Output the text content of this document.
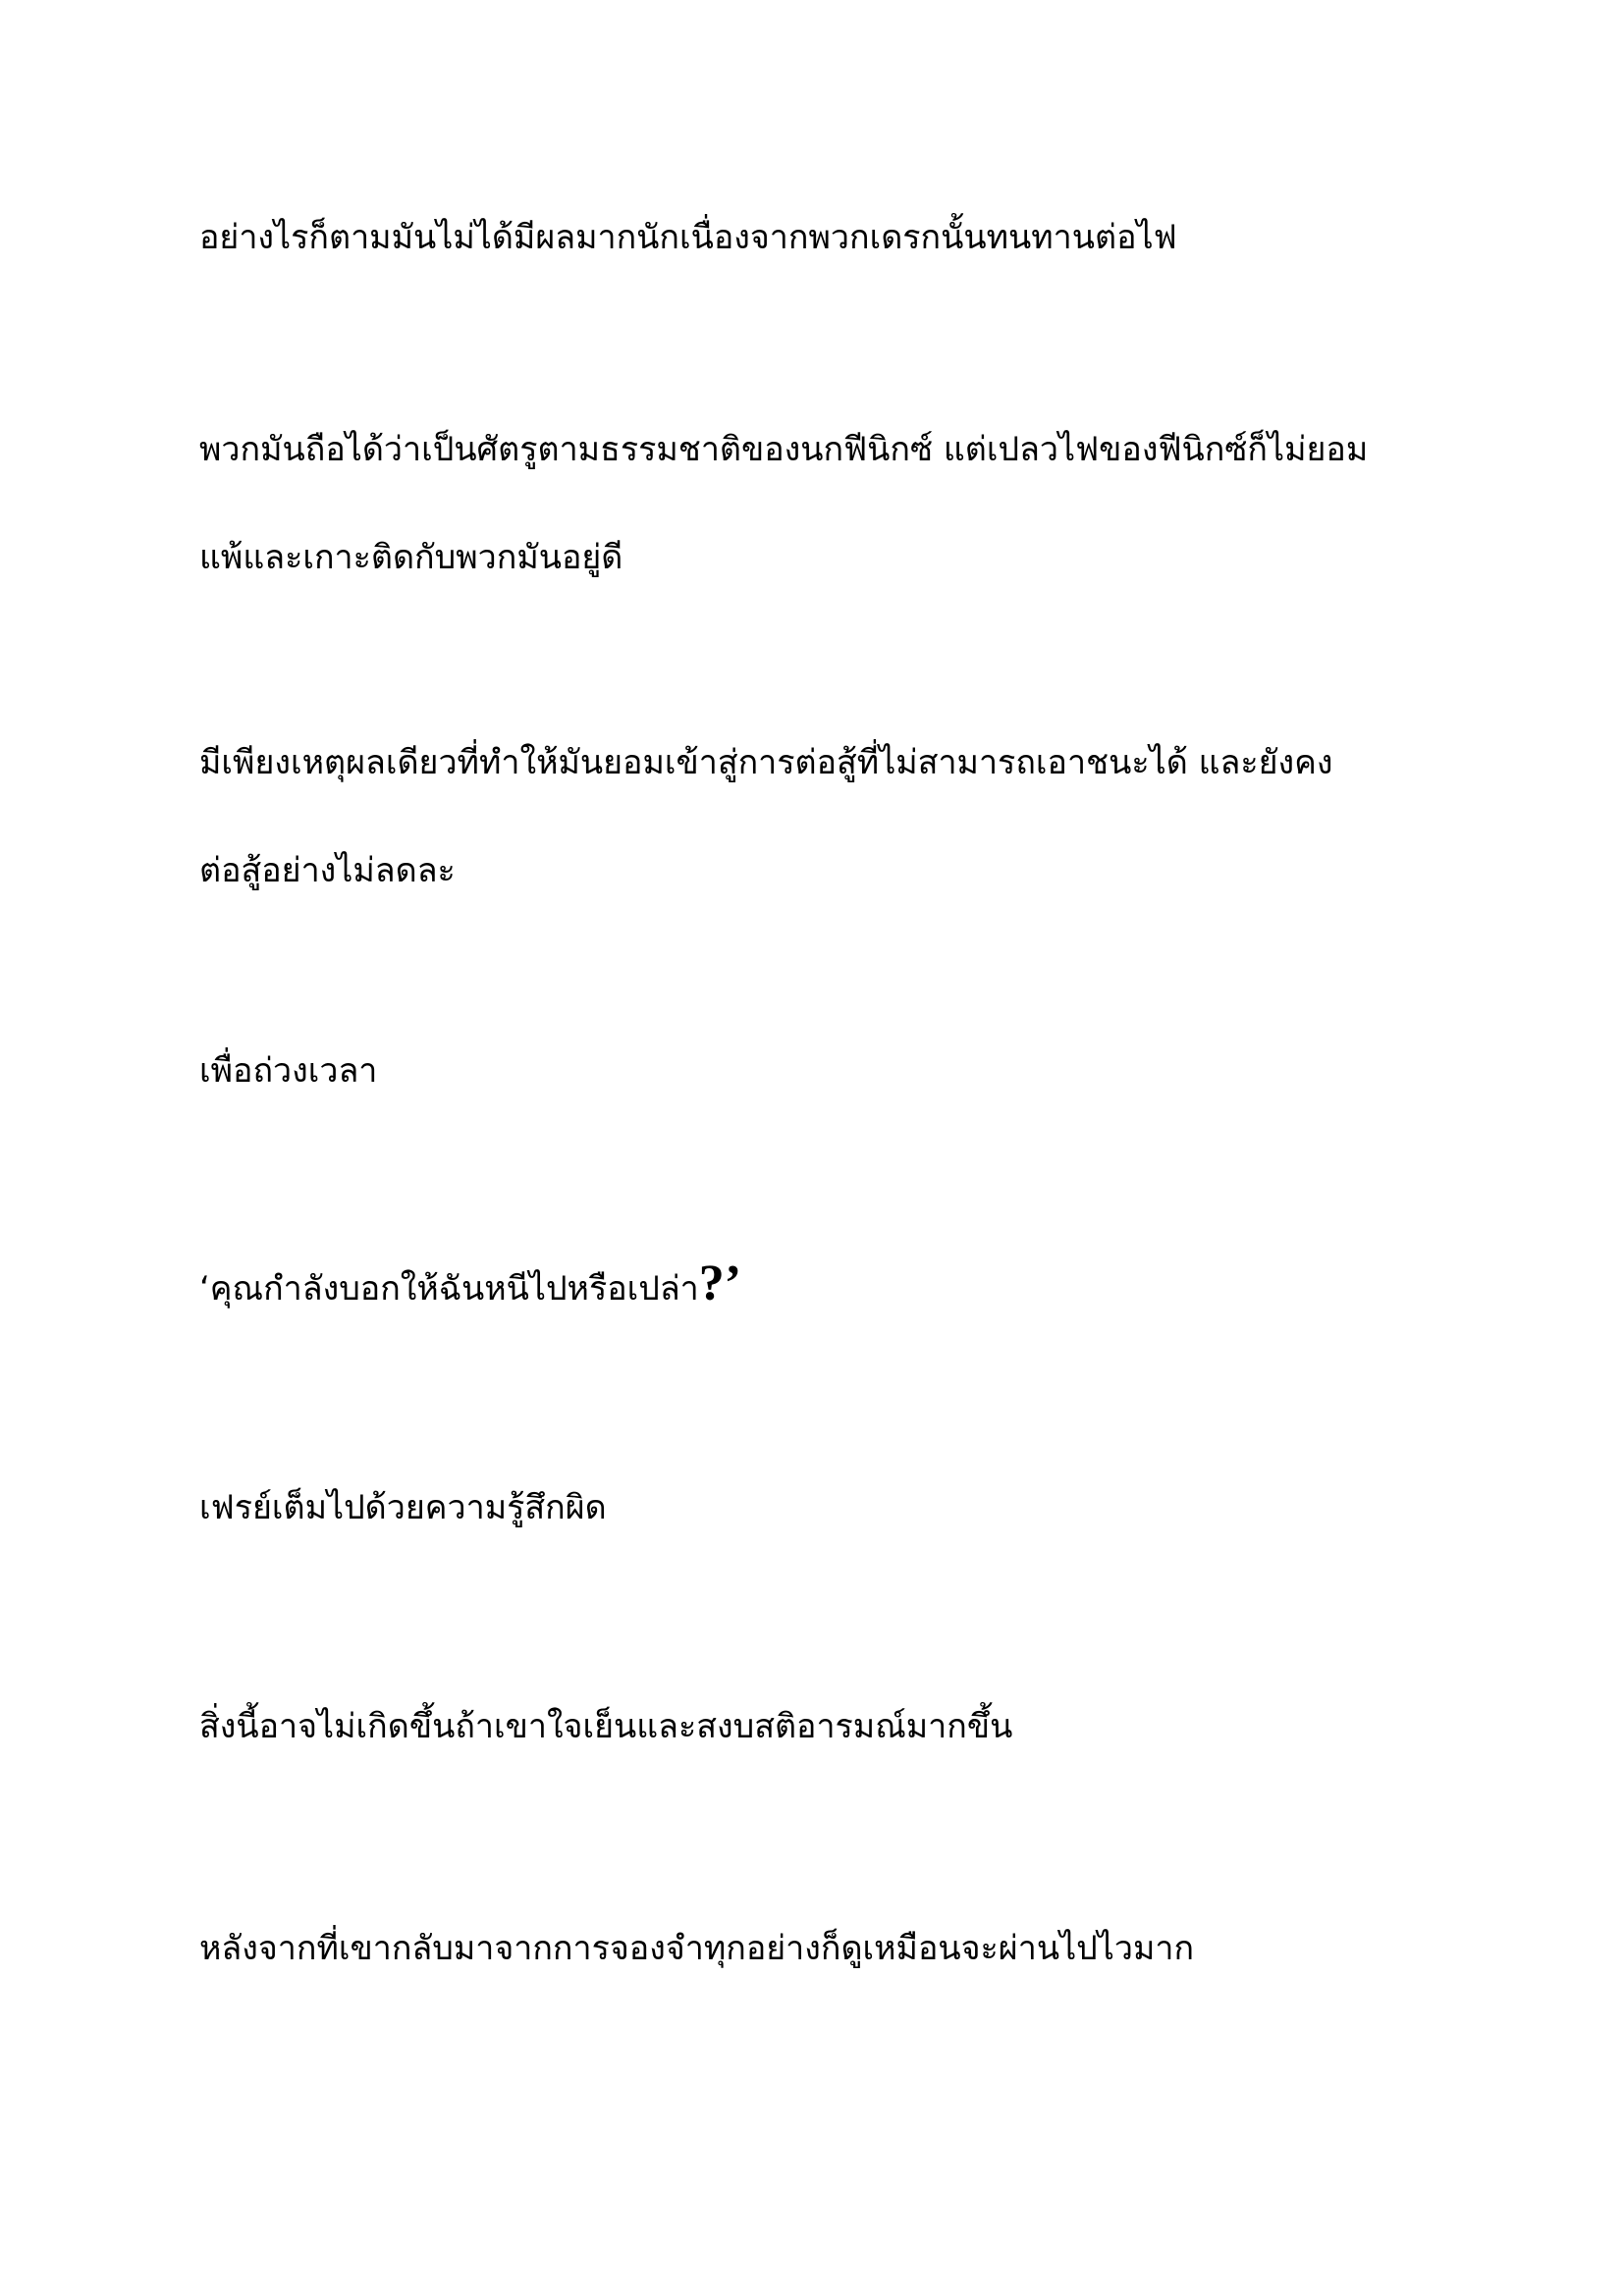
อย่างไรก็ตามมันไม่ได้มีผลมากนักเนื่องจากพวกเดรกนั้นทนทานต่อไฟ

พวกมันถือได้ว่าเป็นศัตรูตามธรรมชาติของนกฟีนิกซ์ แต่เปลวไฟของฟีนิกซ์ก็ไม่ยอม
แพ้และเกาะติดกับพวกมันอยู่ดี

มีเพียงเหตุผลเดียวที่ทำให้มันยอมเข้าสู่การต่อสู้ที่ไม่สามารถเอาชนะได้ และยังคง
ต่อสู้อย่างไม่ลดละ

เพื่อถ่วงเวลา

‘คุณกำลังบอกให้ฉันหนีไปหรือเปล่า?’

เฟรย์เต็มไปด้วยความรู้สึกผิด

สิ่งนี้อาจไม่เกิดขึ้นถ้าเขาใจเย็นและสงบสติอารมณ์มากขึ้น

หลังจากที่เขากลับมาจากการจองจำทุกอย่างก็ดูเหมือนจะผ่านไปไวมาก
